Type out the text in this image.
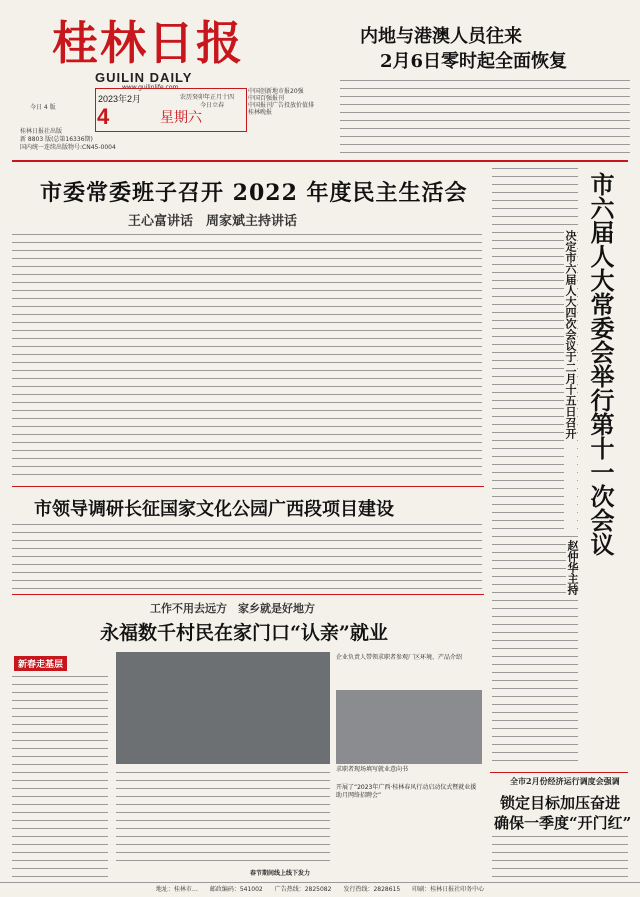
桂林日报
GUILIN DAILY
www.guilinlife.com
今日 4 版
桂林日报社出版
新 8803 版(总第16336期)
国内统一连续出版物号:CN45-0004
2023年2月	农历癸卯年正月十四
4	星期六
今日立春
中国创新地市报20强
中国百强报刊
中国报刊广告投放价值排
桂林晚报
内地与港澳人员往来
2月6日零时起全面恢复
市委常委班子召开 2022 年度民主生活会
王心富讲话　周家斌主持讲话	市六届人大常委会举行第十一次会议
决定市六届人大四次会议于二月十五日召开
赵仲华主持
市领导调研长征国家文化公园广西段项目建设
工作不用去远方　家乡就是好地方
永福数千村民在家门口“认亲”就业
新春走基层
企业负责人带领求职者参观厂区环境、产品介绍
求职者现场填写就业意向书
开展了“2023年广西·桂林春风行动启动仪式暨就业援助月网络招聘会”
春节期间线上线下发力
全市2月份经济运行调度会强调
锁定目标加压奋进
确保一季度“开门红”
地址：桂林市…　　邮政编码：541002　　广告热线：2825082　　发行热线：2828615　　印刷：桂林日报社印务中心
